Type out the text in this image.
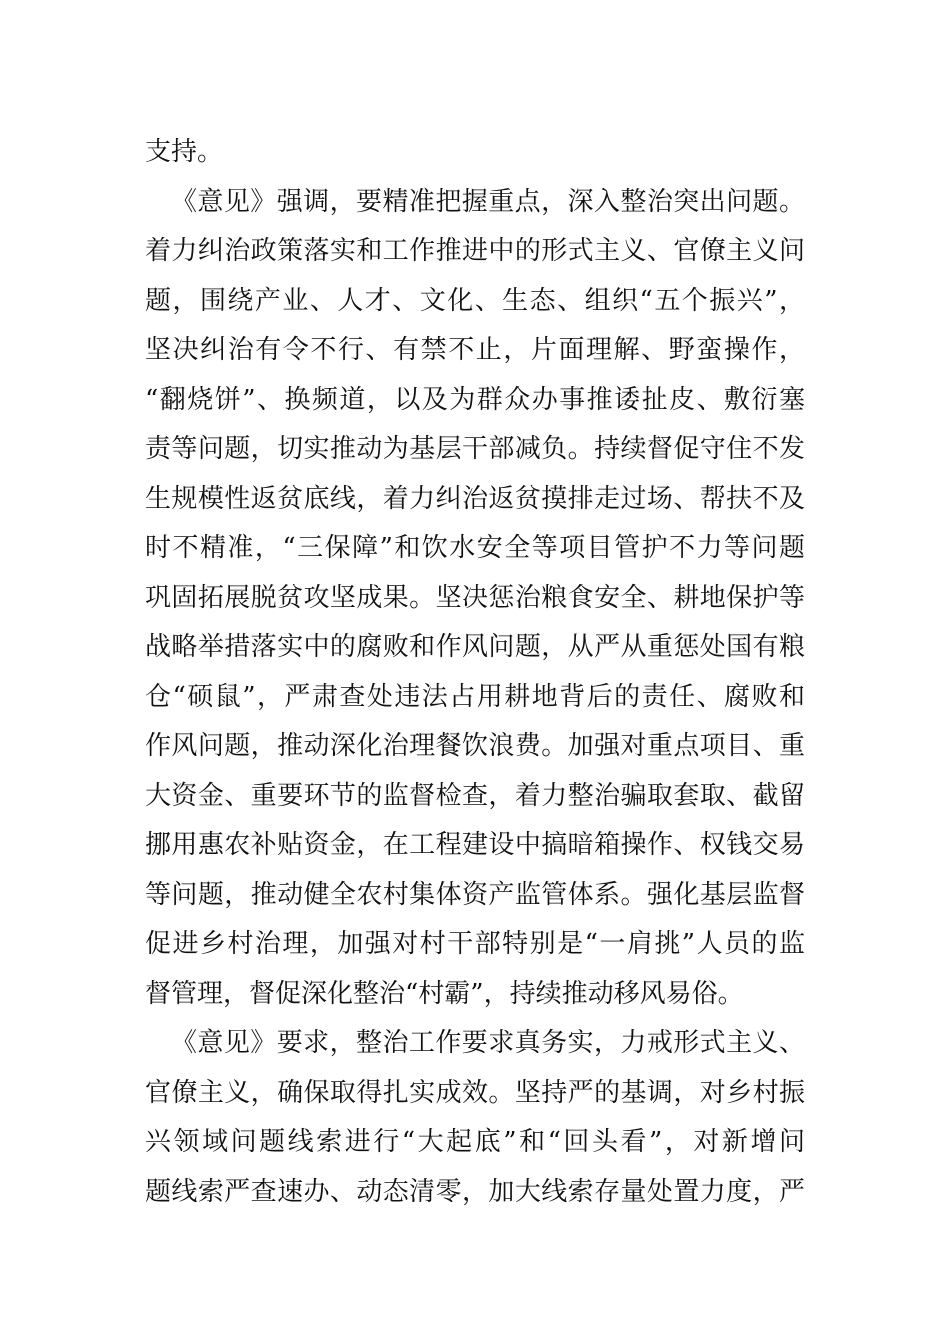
支持。
《意见》强调，要精准把握重点，深入整治突出问题。
着力纠治政策落实和工作推进中的形式主义、官僚主义问
题，围绕产业、人才、文化、生态、组织“五个振兴”，
坚决纠治有令不行、有禁不止，片面理解、野蛮操作，
“翻烧饼”、换频道，以及为群众办事推诿扯皮、敷衍塞
责等问题，切实推动为基层干部减负。持续督促守住不发
生规模性返贫底线，着力纠治返贫摸排走过场、帮扶不及
时不精准，“三保障”和饮水安全等项目管护不力等问题
巩固拓展脱贫攻坚成果。坚决惩治粮食安全、耕地保护等
战略举措落实中的腐败和作风问题，从严从重惩处国有粮
仓“硕鼠”，严肃查处违法占用耕地背后的责任、腐败和
作风问题，推动深化治理餐饮浪费。加强对重点项目、重
大资金、重要环节的监督检查，着力整治骗取套取、截留
挪用惠农补贴资金，在工程建设中搞暗箱操作、权钱交易
等问题，推动健全农村集体资产监管体系。强化基层监督
促进乡村治理，加强对村干部特别是“一肩挑”人员的监
督管理，督促深化整治“村霸”，持续推动移风易俗。
《意见》要求，整治工作要求真务实，力戒形式主义、
官僚主义，确保取得扎实成效。坚持严的基调，对乡村振
兴领域问题线索进行“大起底”和“回头看”，对新增问
题线索严查速办、动态清零，加大线索存量处置力度，严
